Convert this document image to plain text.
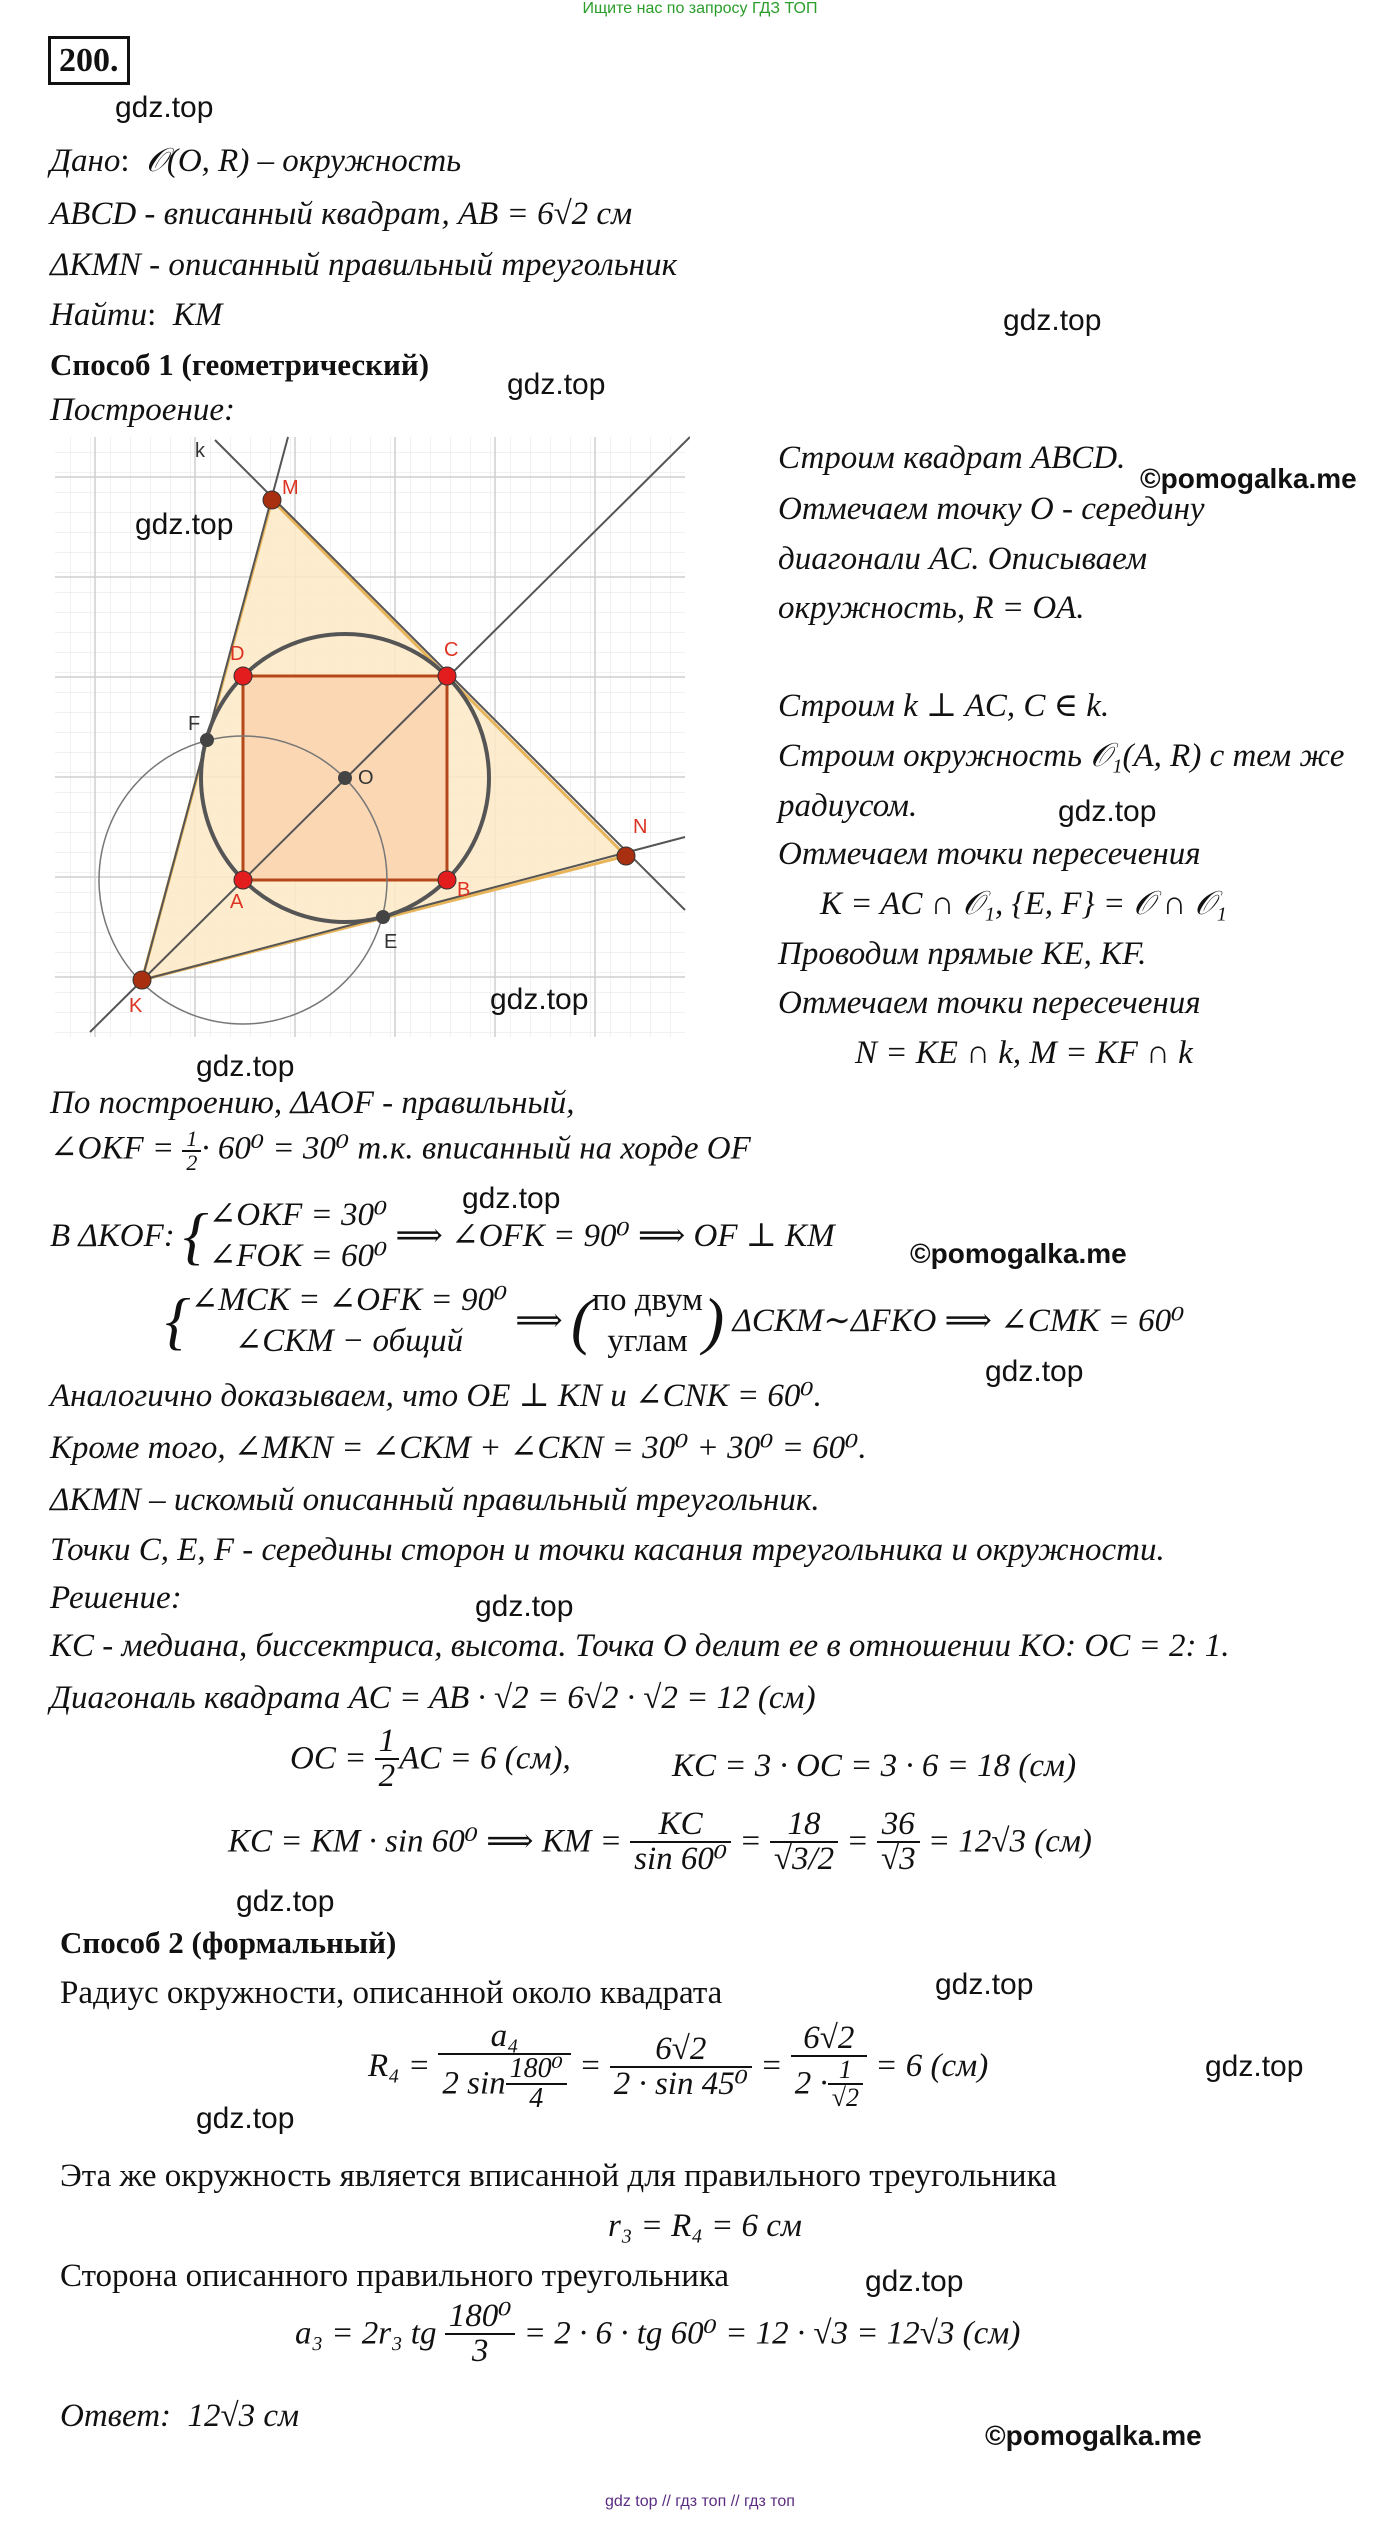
Ищите нас по запросу ГДЗ ТОП
200.
Дано:  𝒪(O, R) – окружность
ABCD - вписанный квадрат, AB = 6√2 см
ΔKMN - описанный правильный треугольник
Найти:  KM
Способ 1 (геометрический)
Построение:
k
M
D	C
F
O
N
A
B
E
K
Строим квадрат ABCD.
Отмечаем точку O - середину
диагонали AC. Описываем
окружность, R = OA.
Строим k ⊥ AC, C ∈ k.
Строим окружность 𝒪₁(A, R) с тем же
радиусом.
Отмечаем точки пересечения
K = AC ∩ 𝒪₁, {E, F} = 𝒪 ∩ 𝒪₁
Проводим прямые KE, KF.
Отмечаем точки пересечения
N = KE ∩ k, M = KF ∩ k
По построению, ΔAOF - правильный,
∠OKF = $\frac{1}{2} \cdot 60^0 = 30^0$ т.к. вписанный на хорде OF
В ΔKOF: { ∠OKF = 30⁰
∠FOK = 60⁰
⟹ ∠OFK = 90⁰ ⟹ OF ⊥ KM
{ ∠MCK = ∠OFK = 90⁰
∠CKM − общий
⟹ ( по двум
углам ) ΔCKM∼ΔFKO ⟹ ∠CMK = 60⁰
Аналогично доказываем, что OE ⊥ KN и ∠CNK = 60⁰.
Кроме того, ∠MKN = ∠CKM + ∠CKN = 30⁰ + 30⁰ = 60⁰.
ΔKMN – искомый описанный правильный треугольник.
Точки C, E, F - середины сторон и точки касания треугольника и окружности.
Решение:
KC - медиана, биссектриса, высота. Точка O делит ее в отношении KO: OC = 2: 1.
Диагональ квадрата AC = AB · √2 = 6√2 · √2 = 12 (см)
OC = $\frac{1}{2}$ AC = 6 (см),	KC = 3 · OC = 3 · 6 = 18 (см)
KC = KM · sin 60⁰ ⟹ KM = $\frac{KC}{\text{sin 60⁰}} = \frac{18}{√3/2} = \frac{36}{√3} = 12√3$ (см)
Способ 2 (формальный)
Радиус окружности, описанной около квадрата
$R_4 = \frac{\text{a₄}}{2 \sin \frac{\text{180⁰}}{4}} = \frac{6√2}{\text{2 · sin 45⁰}} = \frac{6√2}{2 \cdot \frac{1}{√2}} = 6$ (см)
Эта же окружность является вписанной для правильного треугольника
r₃ = R₄ = 6 см
Сторона описанного правильного треугольника
a₃ = 2r₃ tg $\frac{\text{180⁰}}{3} = 2 \cdot 6$ · tg 60⁰ = 12 · √3 = 12√3 (см)
Ответ: 12√3 см
gdz.top
gdz.top
gdz.top
gdz.top
©pomogalka.me
gdz.top
gdz.top
gdz.top
gdz.top
©pomogalka.me
gdz.top
gdz.top
gdz.top
gdz.top
gdz.top
gdz.top
gdz.top
©pomogalka.me
gdz top // гдз топ // гдз топ
